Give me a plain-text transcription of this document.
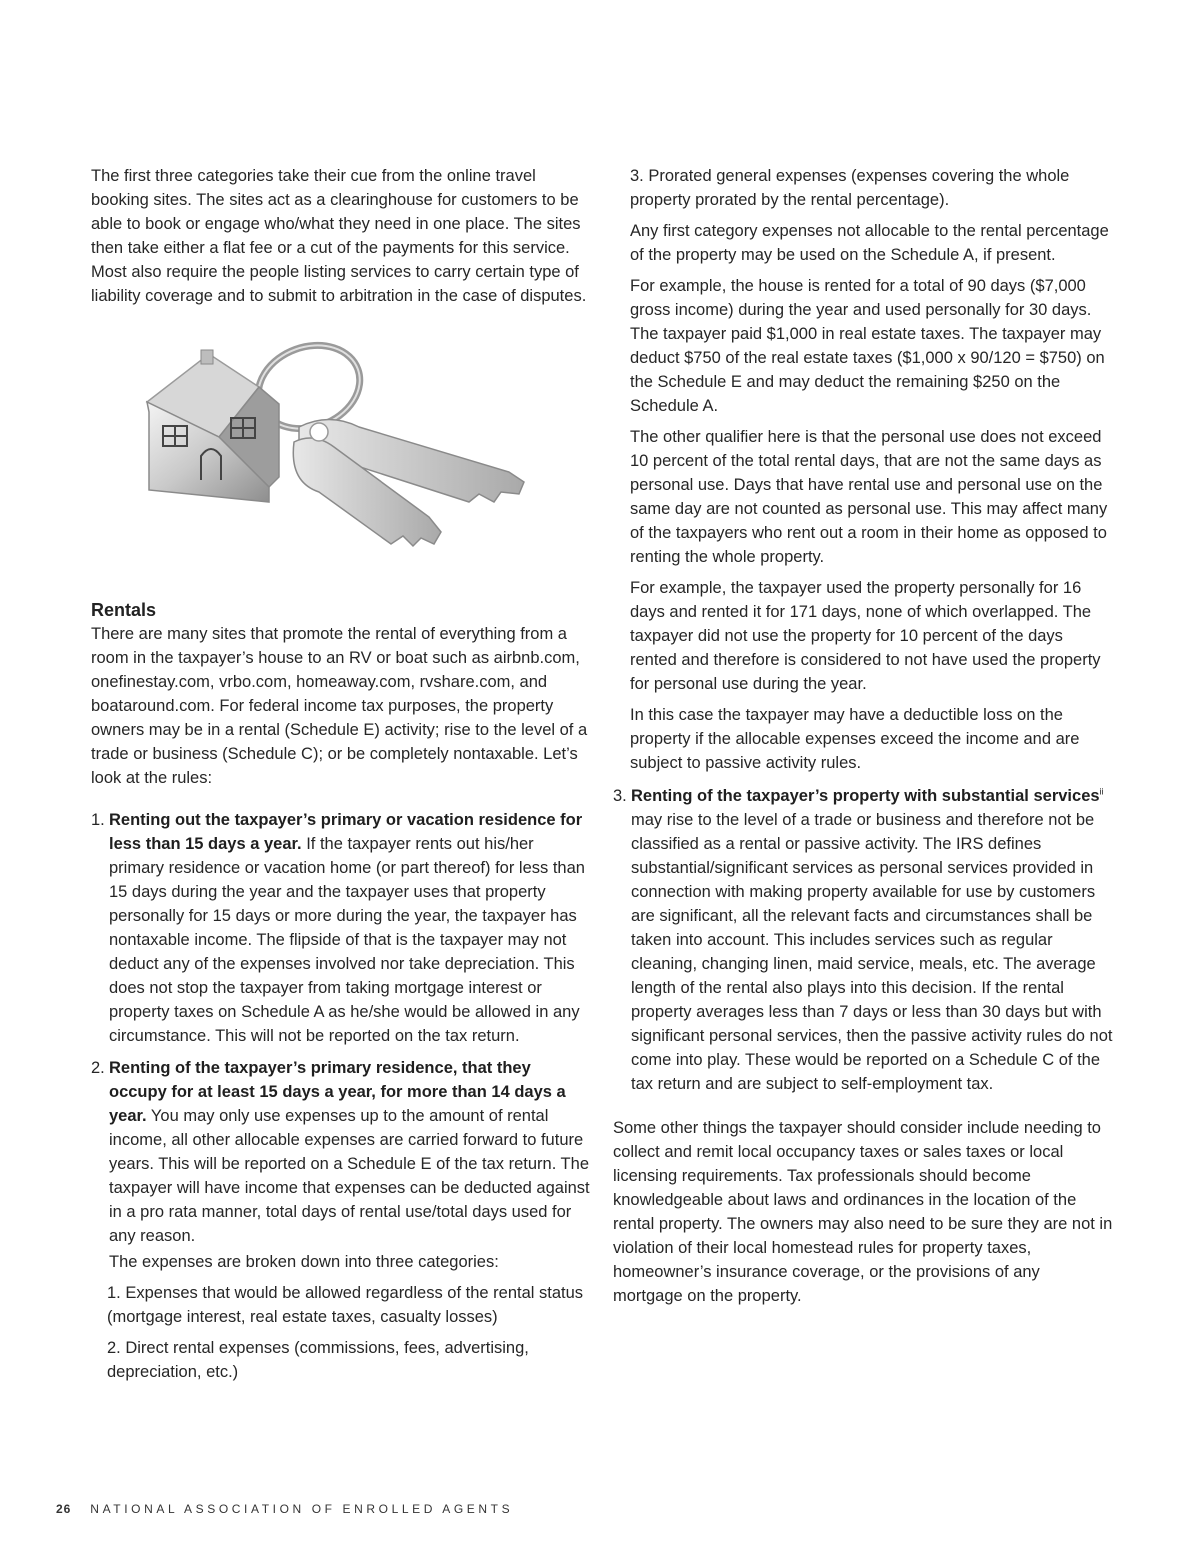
The first three categories take their cue from the online travel booking sites. The sites act as a clearinghouse for customers to be able to book or engage who/what they need in one place. The sites then take either a flat fee or a cut of the payments for this service. Most also require the people listing services to carry certain type of liability coverage and to submit to arbitration in the case of disputes.

Rentals

There are many sites that promote the rental of everything from a room in the taxpayer’s house to an RV or boat such as airbnb.com, onefinestay.com, vrbo.com, homeaway.com, rvshare.com, and boataround.com. For federal income tax purposes, the property owners may be in a rental (Schedule E) activity; rise to the level of a trade or business (Schedule C); or be completely nontaxable. Let’s look at the rules:

1. Renting out the taxpayer’s primary or vacation residence for less than 15 days a year. If the taxpayer rents out his/her primary residence or vacation home (or part thereof) for less than 15 days during the year and the taxpayer uses that property personally for 15 days or more during the year, the taxpayer has nontaxable income. The flipside of that is the taxpayer may not deduct any of the expenses involved nor take depreciation. This does not stop the taxpayer from taking mortgage interest or property taxes on Schedule A as he/she would be allowed in any circumstance. This will not be reported on the tax return.
2. Renting of the taxpayer’s primary residence, that they occupy for at least 15 days a year, for more than 14 days a year. You may only use expenses up to the amount of rental income, all other allocable expenses are carried forward to future years. This will be reported on a Schedule E of the tax return. The taxpayer will have income that expenses can be deducted against in a pro rata manner, total days of rental use/total days used for any reason.

The expenses are broken down into three categories:

1. Expenses that would be allowed regardless of the rental status (mortgage interest, real estate taxes, casualty losses)

2. Direct rental expenses (commissions, fees, advertising, depreciation, etc.)

3. Prorated general expenses (expenses covering the whole property prorated by the rental percentage).

Any first category expenses not allocable to the rental percentage of the property may be used on the Schedule A, if present.

For example, the house is rented for a total of 90 days ($7,000 gross income) during the year and used personally for 30 days. The taxpayer paid $1,000 in real estate taxes. The taxpayer may deduct $750 of the real estate taxes ($1,000 x 90/120 = $750) on the Schedule E and may deduct the remaining $250 on the Schedule A.

The other qualifier here is that the personal use does not exceed 10 percent of the total rental days, that are not the same days as personal use. Days that have rental use and personal use on the same day are not counted as personal use. This may affect many of the taxpayers who rent out a room in their home as opposed to renting the whole property.

For example, the taxpayer used the property personally for 16 days and rented it for 171 days, none of which overlapped. The taxpayer did not use the property for 10 percent of the days rented and therefore is considered to not have used the property for personal use during the year.

In this case the taxpayer may have a deductible loss on the property if the allocable expenses exceed the income and are subject to passive activity rules.

3. Renting of the taxpayer’s property with substantial services$^{ii}$ may rise to the level of a trade or business and therefore not be classified as a rental or passive activity. The IRS defines substantial/significant services as personal services provided in connection with making property available for use by customers are significant, all the relevant facts and circumstances shall be taken into account. This includes services such as regular cleaning, changing linen, maid service, meals, etc. The average length of the rental also plays into this decision. If the rental property averages less than 7 days or less than 30 days but with significant personal services, then the passive activity rules do not come into play. These would be reported on a Schedule C of the tax return and are subject to self-employment tax.

Some other things the taxpayer should consider include needing to collect and remit local occupancy taxes or sales taxes or local licensing requirements. Tax professionals should become knowledgeable about laws and ordinances in the location of the rental property. The owners may also need to be sure they are not in violation of their local homestead rules for property taxes, homeowner’s insurance coverage, or the provisions of any mortgage on the property.

26 NATIONAL ASSOCIATION OF ENROLLED AGENTS
